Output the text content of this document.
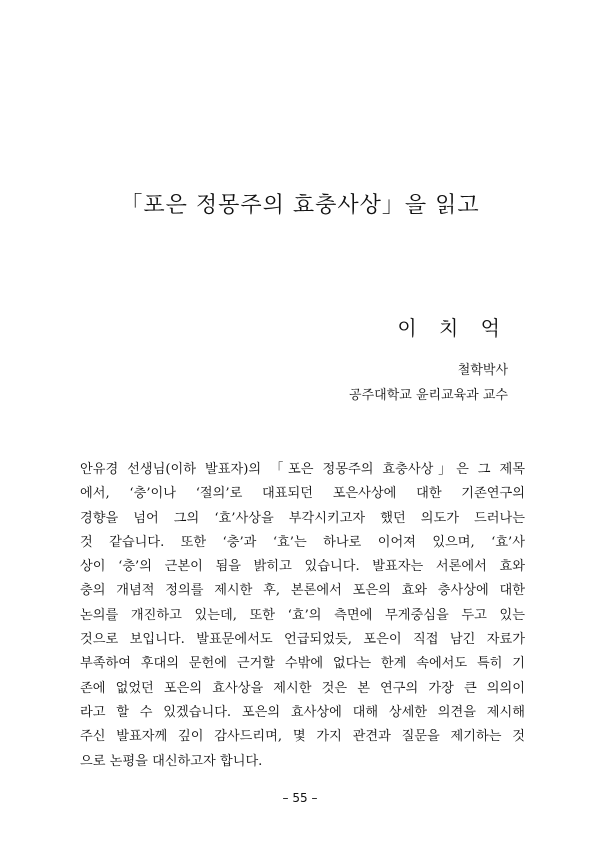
「포은 정몽주의 효충사상」을 읽고
이 치 억
철학박사
공주대학교 윤리교육과 교수
안유경 선생님(이하 발표자)의 「포은 정몽주의 효충사상」은 그 제목
에서, ‘충’이나 ‘절의’로 대표되던 포은사상에 대한 기존연구의
경향을 넘어 그의 ‘효’사상을 부각시키고자 했던 의도가 드러나는
것 같습니다. 또한 ‘충’과 ‘효’는 하나로 이어져 있으며, ‘효’사
상이 ‘충’의 근본이 됨을 밝히고 있습니다. 발표자는 서론에서 효와
충의 개념적 정의를 제시한 후, 본론에서 포은의 효와 충사상에 대한
논의를 개진하고 있는데, 또한 ‘효’의 측면에 무게중심을 두고 있는
것으로 보입니다. 발표문에서도 언급되었듯, 포은이 직접 남긴 자료가
부족하여 후대의 문헌에 근거할 수밖에 없다는 한계 속에서도 특히 기
존에 없었던 포은의 효사상을 제시한 것은 본 연구의 가장 큰 의의이
라고 할 수 있겠습니다. 포은의 효사상에 대해 상세한 의견을 제시해
주신 발표자께 깊이 감사드리며, 몇 가지 관견과 질문을 제기하는 것
으로 논평을 대신하고자 합니다.
– 55 –
